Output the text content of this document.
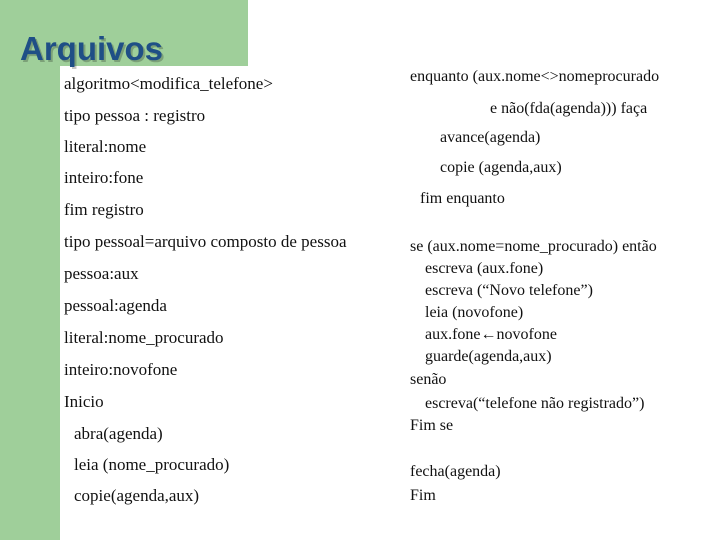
Arquivos
algoritmo<modifica_telefone>
tipo pessoa : registro
literal:nome
inteiro:fone
fim registro
tipo pessoal=arquivo composto de pessoa
pessoa:aux
pessoal:agenda
literal:nome_procurado
inteiro:novofone
Inicio
abra(agenda)
leia (nome_procurado)
copie(agenda,aux)
enquanto (aux.nome<>nomeprocurado
e não(fda(agenda))) faça
avance(agenda)
copie (agenda,aux)
fim enquanto
se (aux.nome=nome_procurado) então
escreva (aux.fone)
escreva (“Novo telefone”)
leia (novofone)
aux.fone←novofone
guarde(agenda,aux)
senão
escreva(“telefone não registrado”)
Fim se
fecha(agenda)
Fim
